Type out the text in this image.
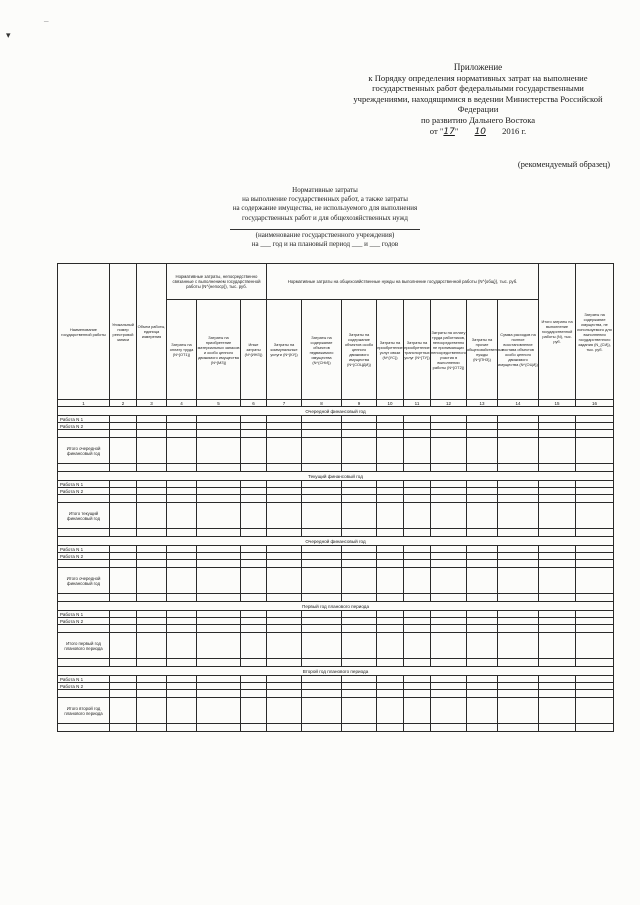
▾
–
Приложение
к Порядку определения нормативных затрат на выполнение
государственных работ федеральными государственными
учреждениями, находящимися в ведении Министерства Российской
Федерации
по развитию Дальнего Востока
от "17" 10 2016 г.
(рекомендуемый образец)
Нормативные затраты
на выполнение государственных работ, а также затраты
на содержание имущества, не используемого для выполнения
государственных работ и для общехозяйственных нужд
(наименование государственного учреждения)
на ___ год и на плановый период ___ и ___ годов
Наименование государственной работы	Уникальный номер реестровой записи	Объем работы, единица измерения	Нормативные затраты, непосредственно связанные с выполнением государственной работы (N^{непоср}), тыс. руб.			Нормативные затраты на общехозяйственные нужды на выполнение государственной работы (N^{общ}), тыс. руб.								Итого затраты на выполнение государственной работы (N), тыс. руб.	Затраты на содержание имущества, не используемого для выполнения государственного задания (N_{СИ}), тыс. руб.
			Затраты на оплату труда (N^{ОТ1})	Затраты на приобретение материальных запасов и особо ценного движимого имущества (N^{МЗ})	Иные затраты (N^{ИНЗ})	Затраты на коммунальные услуги (N^{КУ})	Затраты на содержание объектов недвижимого имущества (N^{СНИ})	Затраты на содержание объектов особо ценного движимого имущества (N^{СОЦДИ})	Затраты на приобретение услуг связи (N^{УС})	Затраты на приобретение транспортных услуг (N^{ТУ})	Затраты на оплату труда работников, непосредственно не принимающих непосредственного участия в выполнении работы (N^{ОТ2})	Затраты на прочие общехозяйственные нужды (N^{ПНЗ})	Сумма расходов на полное восстановление состава объектов особо ценного движимого имущества (N^{ОЦИ})		
1	2	3	4	5	6	7	8	9	10	11	12	13	14	15	16
Очередной финансовый год															
Работа N 1															
Работа N 2															

Итого очередной финансовый год															

Текущий финансовый год															
Работа N 1															
Работа N 2															

Итого текущий финансовый год															

Очередной финансовый год															
Работа N 1															
Работа N 2															

Итого очередной финансовый год															

Первый год планового периода															
Работа N 1															
Работа N 2															

Итого первый год планового периода															

Второй год планового периода															
Работа N 1															
Работа N 2															

Итого второй год планового периода															
